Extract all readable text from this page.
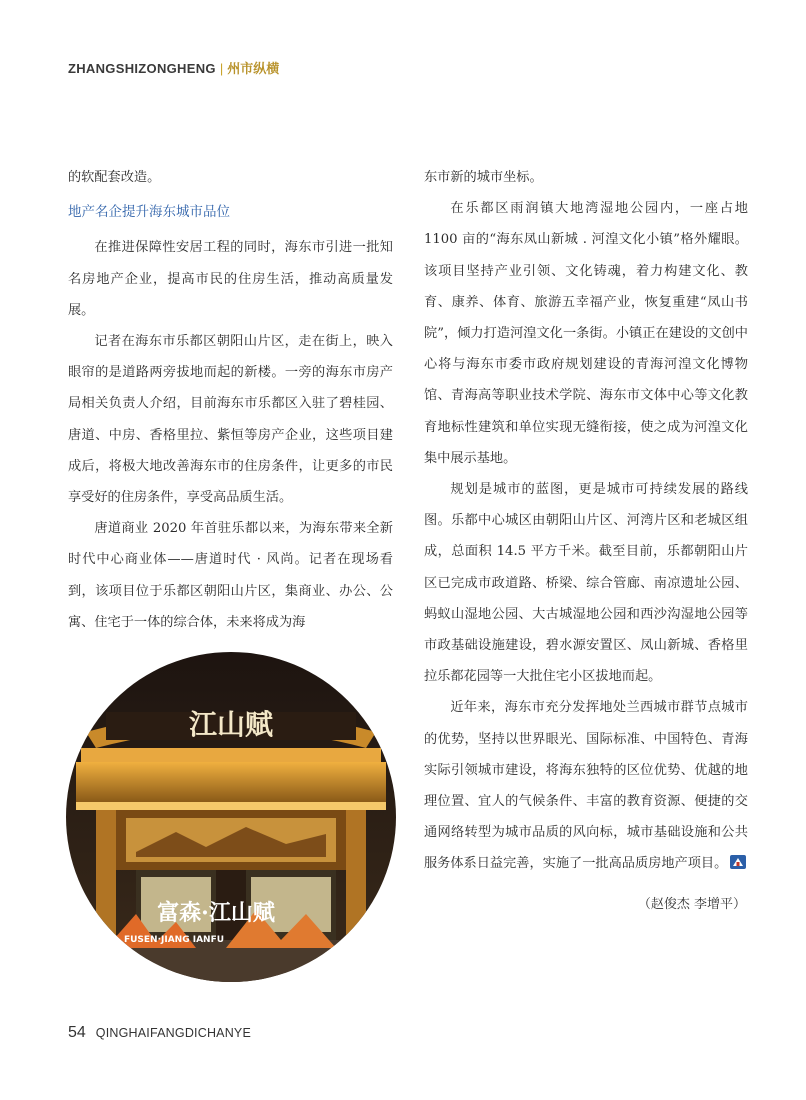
ZHANGSHIZONGHENG | 州市纵横

的软配套改造。

地产名企提升海东城市品位

在推进保障性安居工程的同时，海东市引进一批知名房地产企业，提高市民的住房生活，推动高质量发展。

记者在海东市乐都区朝阳山片区，走在街上，映入眼帘的是道路两旁拔地而起的新楼。一旁的海东市房产局相关负责人介绍，目前海东市乐都区入驻了碧桂园、唐道、中房、香格里拉、紫恒等房产企业，这些项目建成后，将极大地改善海东市的住房条件，让更多的市民享受好的住房条件，享受高品质生活。

唐道商业 2020 年首驻乐都以来，为海东带来全新时代中心商业体——唐道时代 · 风尚。记者在现场看到，该项目位于乐都区朝阳山片区，集商业、办公、公寓、住宅于一体的综合体，未来将成为海

东市新的城市坐标。

在乐都区雨润镇大地湾湿地公园内，一座占地 1100 亩的“海东凤山新城 . 河湟文化小镇”格外耀眼。该项目坚持产业引领、文化铸魂，着力构建文化、教育、康养、体育、旅游五幸福产业，恢复重建“凤山书院”，倾力打造河湟文化一条街。小镇正在建设的文创中心将与海东市委市政府规划建设的青海河湟文化博物馆、青海高等职业技术学院、海东市文体中心等文化教育地标性建筑和单位实现无缝衔接，使之成为河湟文化集中展示基地。

规划是城市的蓝图，更是城市可持续发展的路线图。乐都中心城区由朝阳山片区、河湾片区和老城区组成，总面积 14.5 平方千米。截至目前，乐都朝阳山片区已完成市政道路、桥梁、综合管廊、南凉遗址公园、蚂蚁山湿地公园、大古城湿地公园和西沙沟湿地公园等市政基础设施建设，碧水源安置区、凤山新城、香格里拉乐都花园等一大批住宅小区拔地而起。

近年来，海东市充分发挥地处兰西城市群节点城市的优势，坚持以世界眼光、国际标准、中国特色、青海实际引领城市建设，将海东独特的区位优势、优越的地理位置、宜人的气候条件、丰富的教育资源、便捷的交通网络转型为城市品质的风向标，城市基础设施和公共服务体系日益完善，实施了一批高品质房地产项目。

江山赋
富森·江山赋
FUSEN·JIANG IANFU
（赵俊杰 李增平）
54 QINGHAIFANGDICHANYE
